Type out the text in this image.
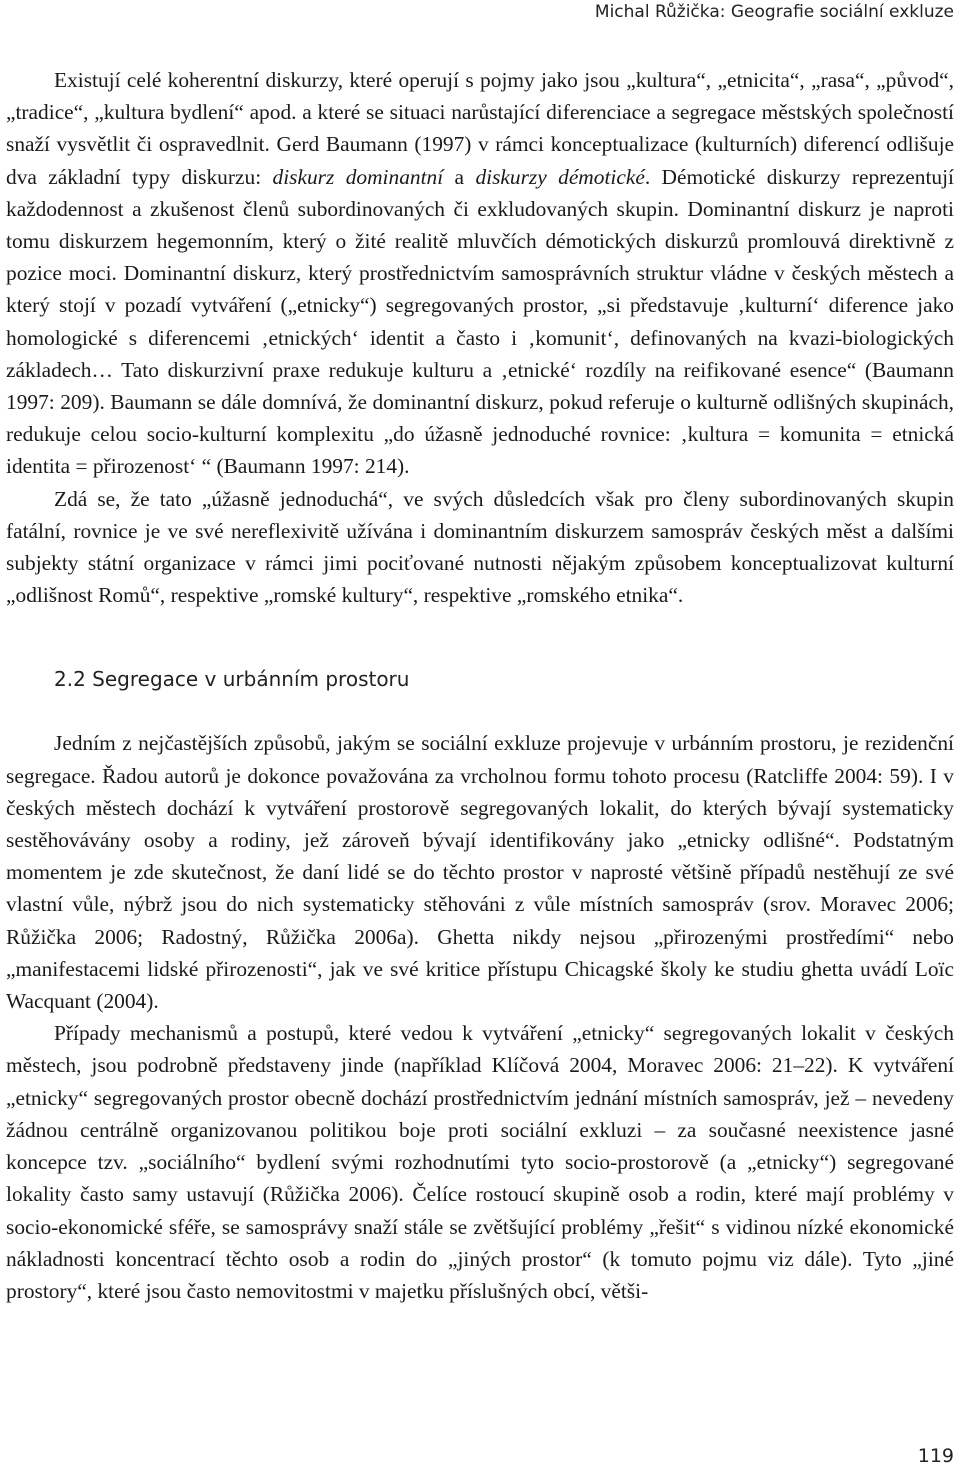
Michal Růžička: Geografie sociální exkluze

Existují celé koherentní diskurzy, které operují s pojmy jako jsou „kultura“, „etnicita“, „rasa“, „původ“, „tradice“, „kultura bydlení“ apod. a které se situaci narůstající diferenciace a segregace městských společností snaží vysvětlit či ospravedlnit. Gerd Baumann (1997) v rámci konceptualizace (kulturních) diferencí odlišuje dva základní typy diskurzu: diskurz dominantní a diskurzy démotické. Démotické diskurzy reprezentují každodennost a zkušenost členů subordinovaných či exkludovaných skupin. Dominantní diskurz je naproti tomu diskurzem hegemonním, který o žité realitě mluvčích démotických diskurzů promlouvá direktivně z pozice moci. Dominantní diskurz, který prostřednictvím samosprávních struktur vládne v českých městech a který stojí v pozadí vytváření („etnicky“) segregovaných prostor, „si představuje ‚kulturní‘ diference jako homologické s diferencemi ‚etnických‘ identit a často i ‚komunit‘, definovaných na kvazi-biologických základech… Tato diskurzivní praxe redukuje kulturu a ‚etnické‘ rozdíly na reifikované esence“ (Baumann 1997: 209). Baumann se dále domnívá, že dominantní diskurz, pokud referuje o kulturně odlišných skupinách, redukuje celou socio-kulturní komplexitu „do úžasně jednoduché rovnice: ‚kultura = komunita = etnická identita = přirozenost‘ “ (Baumann 1997: 214).

Zdá se, že tato „úžasně jednoduchá“, ve svých důsledcích však pro členy subordinovaných skupin fatální, rovnice je ve své nereflexivitě užívána i dominantním diskurzem samospráv českých měst a dalšími subjekty státní organizace v rámci jimi pociťované nutnosti nějakým způsobem konceptualizovat kulturní „odlišnost Romů“, respektive „romské kultury“, respektive „romského etnika“.

2.2 Segregace v urbánním prostoru

Jedním z nejčastějších způsobů, jakým se sociální exkluze projevuje v urbánním prostoru, je rezidenční segregace. Řadou autorů je dokonce považována za vrcholnou formu tohoto procesu (Ratcliffe 2004: 59). I v českých městech dochází k vytváření prostorově segregovaných lokalit, do kterých bývají systematicky sestěhovávány osoby a rodiny, jež zároveň bývají identifikovány jako „etnicky odlišné“. Podstatným momentem je zde skutečnost, že daní lidé se do těchto prostor v naprosté většině případů nestěhují ze své vlastní vůle, nýbrž jsou do nich systematicky stěhováni z vůle místních samospráv (srov. Moravec 2006; Růžička 2006; Radostný, Růžička 2006a). Ghetta nikdy nejsou „přirozenými prostředími“ nebo „manifestacemi lidské přirozenosti“, jak ve své kritice přístupu Chicagské školy ke studiu ghetta uvádí Loïc Wacquant (2004).

Případy mechanismů a postupů, které vedou k vytváření „etnicky“ segregovaných lokalit v českých městech, jsou podrobně představeny jinde (například Klíčová 2004, Moravec 2006: 21–22). K vytváření „etnicky“ segregovaných prostor obecně dochází prostřednictvím jednání místních samospráv, jež – nevedeny žádnou centrálně organizovanou politikou boje proti sociální exkluzi – za současné neexistence jasné koncepce tzv. „sociálního“ bydlení svými rozhodnutími tyto socio-prostorově (a „etnicky“) segregované lokality často samy ustavují (Růžička 2006). Čelíce rostoucí skupině osob a rodin, které mají problémy v socio-ekonomické sféře, se samosprávy snaží stále se zvětšující problémy „řešit“ s vidinou nízké ekonomické nákladnosti koncentrací těchto osob a rodin do „jiných prostor“ (k tomuto pojmu viz dále). Tyto „jiné prostory“, které jsou často nemovitostmi v majetku příslušných obcí, větši-

119
